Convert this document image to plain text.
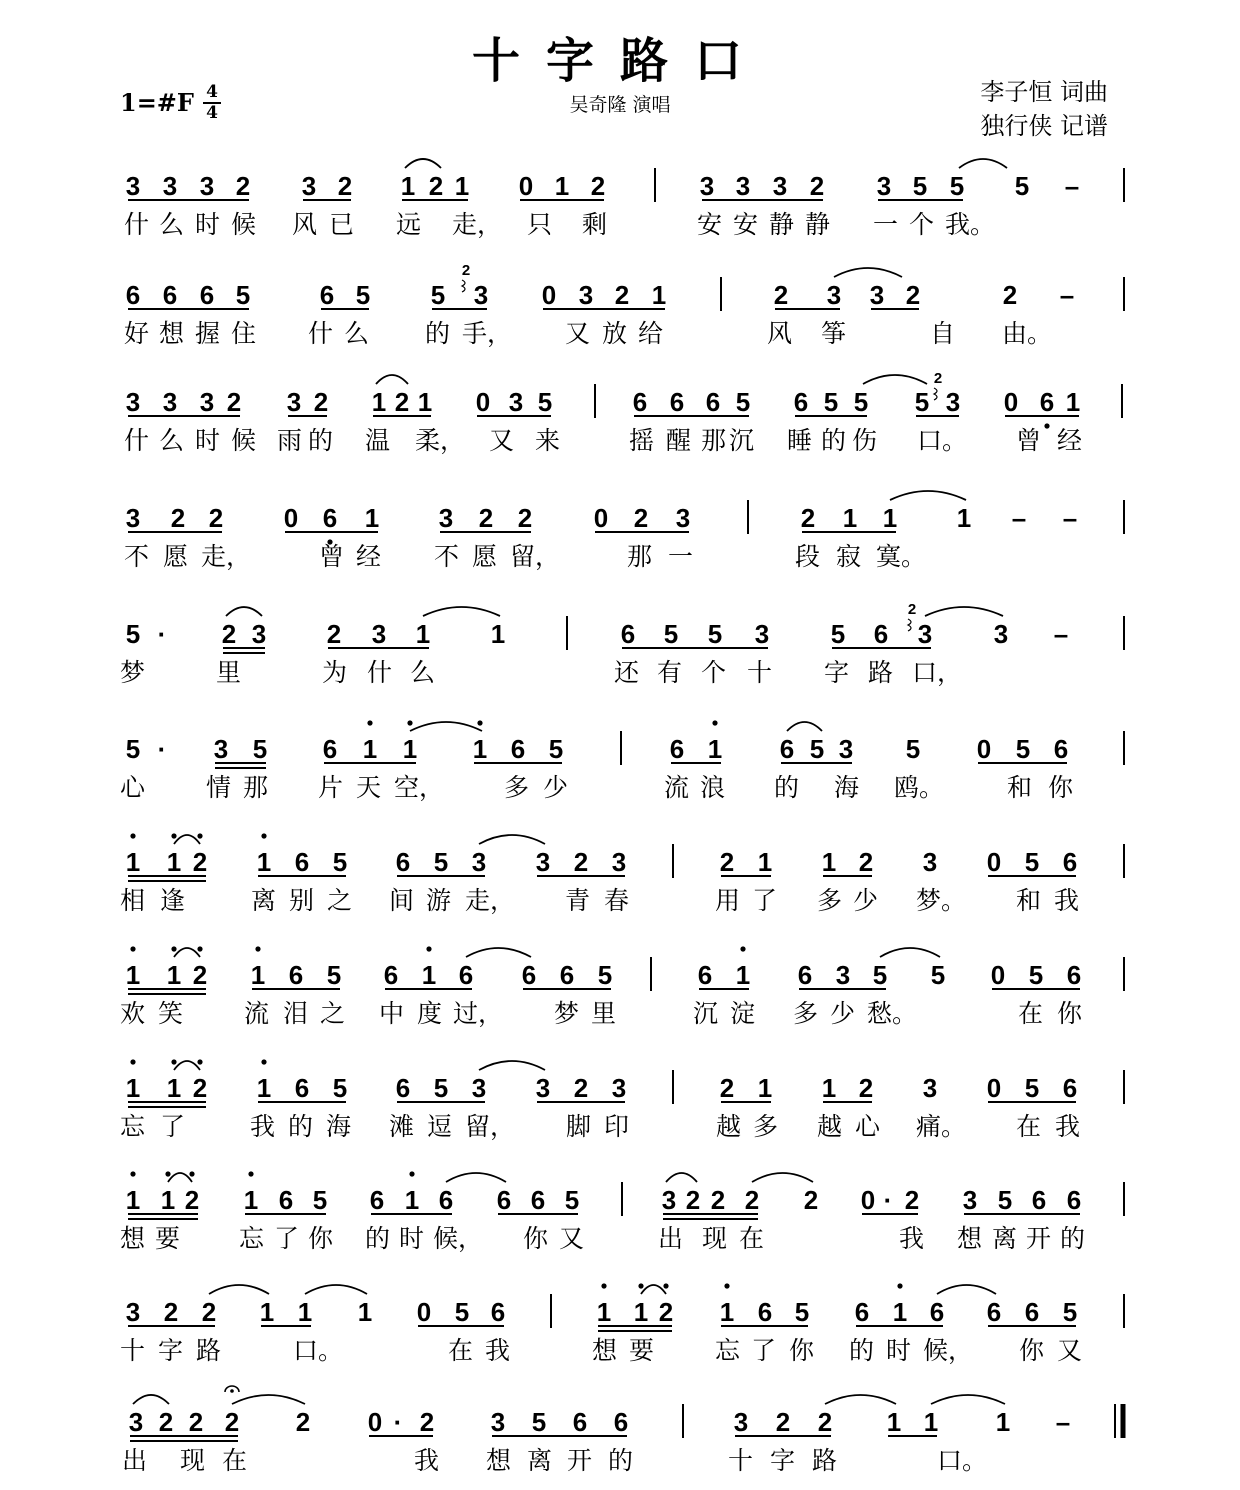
十字路口
吴奇隆 演唱
1=#F 4
4
李子恒 词曲
独行侠 记谱
3 3 3 2 3 2 1 2 1 0 1 2	3 3 3 2 3 5 5 5 –
什 么 时 候 风 已 远 走， 只 剩	安 安 静 静 一 个 我。
6 6 6 5	6 5 5 3 0 3 2 1	2 3 3 2	2 –
2
好 想 握 住 什 么 的 手， 又 放 给	风 筝	自 由。
3 3 3 2 3 2 1 2 1 0 3 5	6 6 6 5 6 5 5 5 3 0 6 1
2
什 么 时 候 雨 的 温 柔， 又 来	摇 醒 那 沉 睡 的 伤 口。 曾 经
3 2 2 0 6 1 3 2 2 0 2 3	2 1 1 1 – –
不 愿 走，	曾 经 不 愿 留，	那 一	段 寂 寞。
5 · 2 3 2 3 1 1	6 5 5 3 5 6 3 3 –
2
梦	里	为 什 么	还 有 个 十 字 路 口，
5 · 3 5 6 1 1 1 6 5	6 1 6 5 3 5 0 5 6
心 情 那 片 天 空， 多 少	流 浪 的 海 鸥。	和 你
1 1 2 1 6 5 6 5 3 3 2 3	2 1 1 2 3 0 5 6
相 逢	离 别 之 间 游 走， 青 春	用 了 多 少 梦。 和 我
1 1 2 1 6 5 6 1 6 6 6 5	6 1 6 3 5 5 0 5 6
欢 笑 流 泪 之 中 度 过， 梦 里	沉 淀 多 少 愁。	在 你
1 1 2 1 6 5 6 5 3 3 2 3	2 1 1 2 3 0 5 6
忘 了	我 的 海 滩 逗 留， 脚 印	越 多 越 心 痛。 在 我
1 1 2 1 6 5 6 1 6 6 6 5	3 2 2 2 2 0 · 2 3 5 6 6
想 要 忘 了 你 的 时 候， 你 又	出 现 在	我 想 离 开 的
3 2 2 1 1 1 0 5 6	1 1 2 1 6 5 6 1 6 6 6 5
十 字 路	口。	在 我	想 要 忘 了 你 的 时 候， 你 又
3 2 2 2 2 0 · 2 3 5 6 6	3 2 2 1 1 1 –
出 现 在	我 想 离 开 的	十 字 路	口。
